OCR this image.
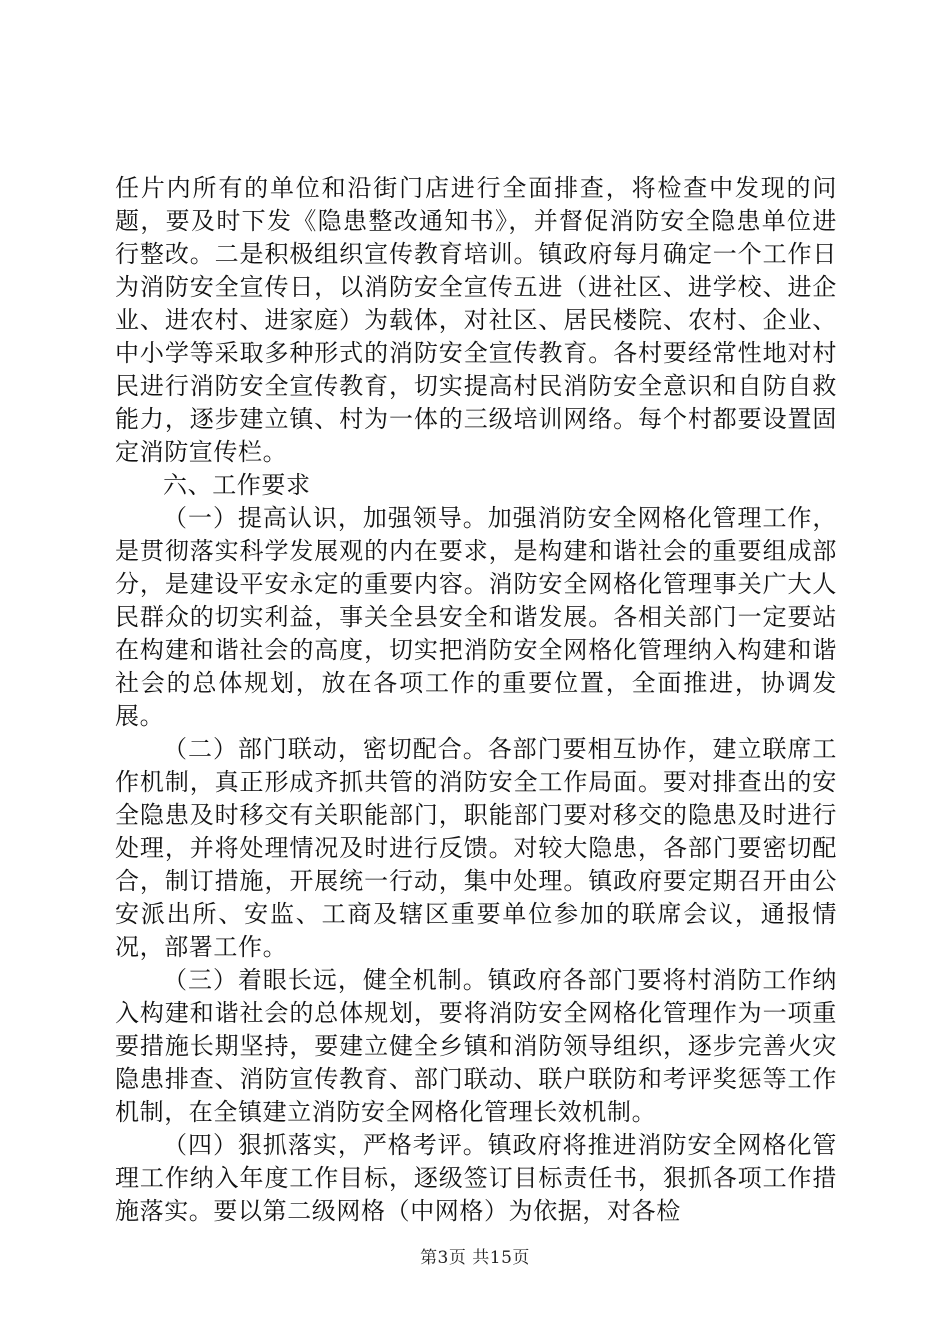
任片内所有的单位和沿街门店进行全面排查，将检查中发现的问题，要及时下发《隐患整改通知书》，并督促消防安全隐患单位进行整改。二是积极组织宣传教育培训。镇政府每月确定一个工作日为消防安全宣传日，以消防安全宣传五进（进社区、进学校、进企业、进农村、进家庭）为载体，对社区、居民楼院、农村、企业、中小学等采取多种形式的消防安全宣传教育。各村要经常性地对村民进行消防安全宣传教育，切实提高村民消防安全意识和自防自救能力，逐步建立镇、村为一体的三级培训网络。每个村都要设置固定消防宣传栏。

六、工作要求

（一）提高认识，加强领导。加强消防安全网格化管理工作，是贯彻落实科学发展观的内在要求，是构建和谐社会的重要组成部分，是建设平安永定的重要内容。消防安全网格化管理事关广大人民群众的切实利益，事关全县安全和谐发展。各相关部门一定要站在构建和谐社会的高度，切实把消防安全网格化管理纳入构建和谐社会的总体规划，放在各项工作的重要位置，全面推进，协调发展。

（二）部门联动，密切配合。各部门要相互协作，建立联席工作机制，真正形成齐抓共管的消防安全工作局面。要对排查出的安全隐患及时移交有关职能部门，职能部门要对移交的隐患及时进行处理，并将处理情况及时进行反馈。对较大隐患，各部门要密切配合，制订措施，开展统一行动，集中处理。镇政府要定期召开由公安派出所、安监、工商及辖区重要单位参加的联席会议，通报情况，部署工作。

（三）着眼长远，健全机制。镇政府各部门要将村消防工作纳入构建和谐社会的总体规划，要将消防安全网格化管理作为一项重要措施长期坚持，要建立健全乡镇和消防领导组织，逐步完善火灾隐患排查、消防宣传教育、部门联动、联户联防和考评奖惩等工作机制，在全镇建立消防安全网格化管理长效机制。

（四）狠抓落实，严格考评。镇政府将推进消防安全网格化管理工作纳入年度工作目标，逐级签订目标责任书，狠抓各项工作措施落实。要以第二级网格（中网格）为依据，对各检

第3页 共15页
